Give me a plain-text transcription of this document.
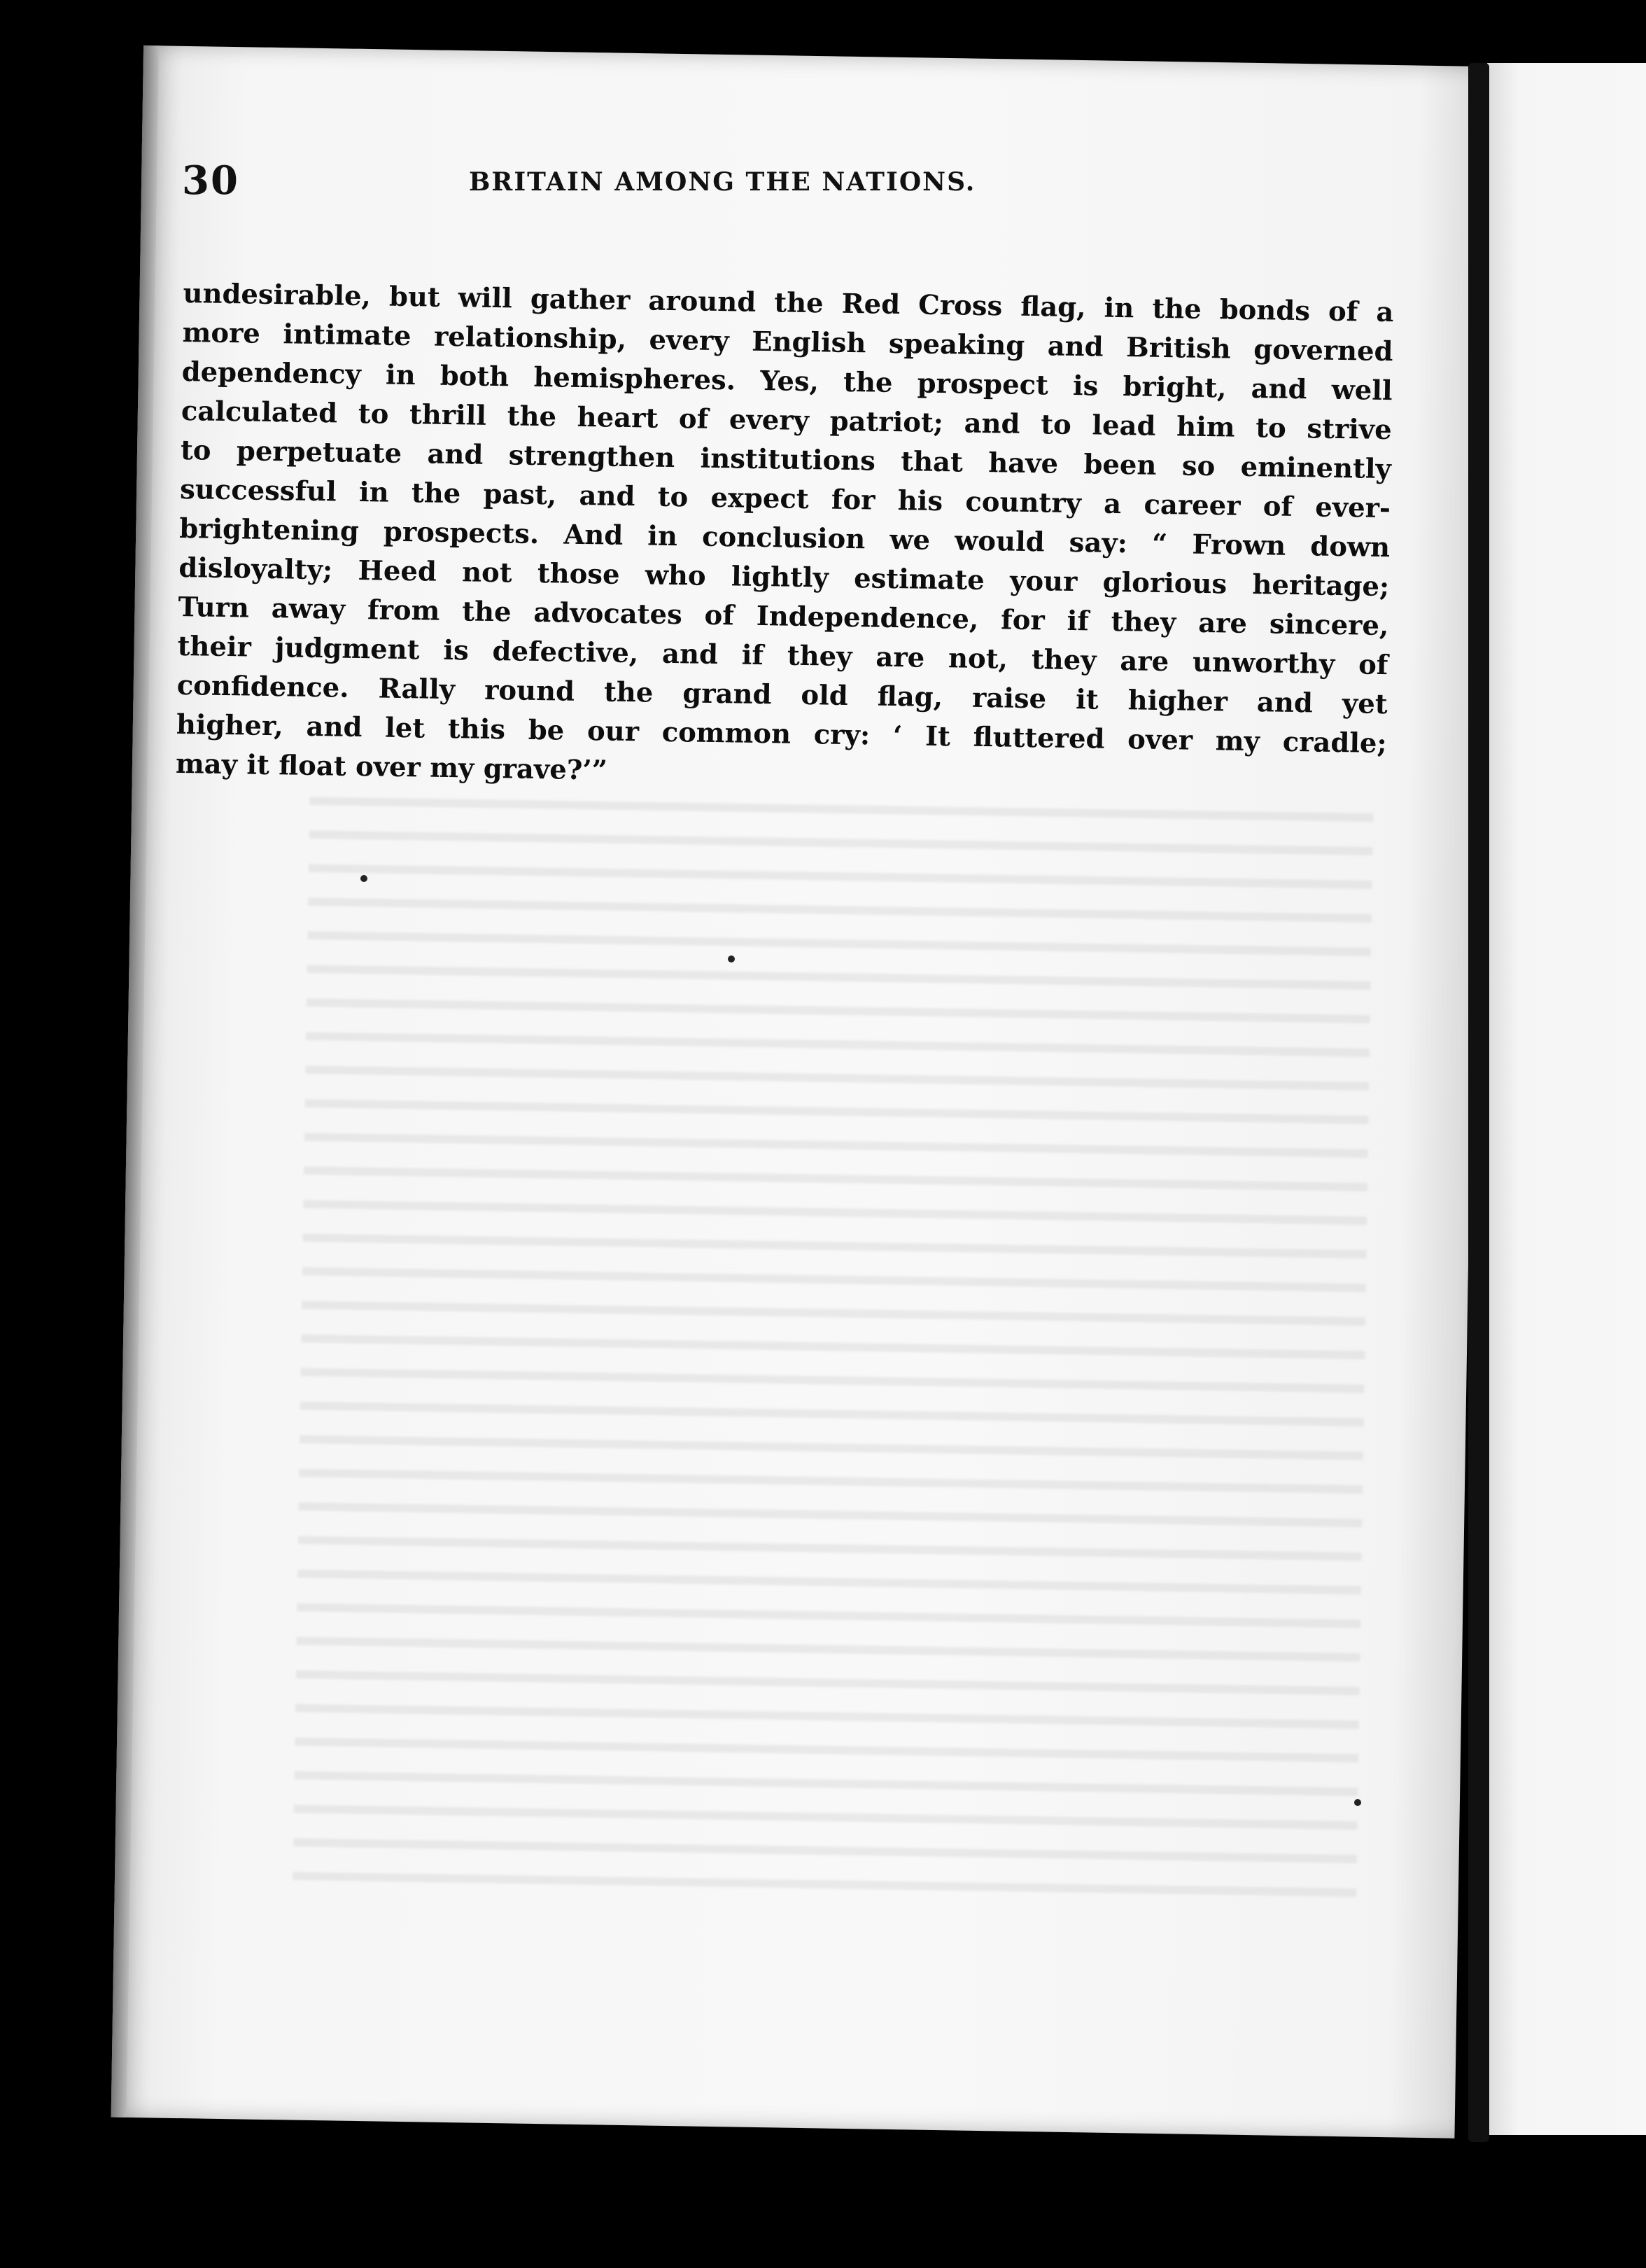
30	BRITAIN AMONG THE NATIONS.
undesirable, but will gather around the Red Cross flag, in the bonds of a
more intimate relationship, every English speaking and British governed
dependency in both hemispheres. Yes, the prospect is bright, and well
calculated to thrill the heart of every patriot; and to lead him to strive
to perpetuate and strengthen institutions that have been so eminently
successful in the past, and to expect for his country a career of ever-
brightening prospects. And in conclusion we would say: “ Frown down
disloyalty; Heed not those who lightly estimate your glorious heritage;
Turn away from the advocates of Independence, for if they are sincere,
their judgment is defective, and if they are not, they are unworthy of
confidence. Rally round the grand old flag, raise it higher and yet
higher, and let this be our common cry: ‘ It fluttered over my cradle;
may it float over my grave?’”
